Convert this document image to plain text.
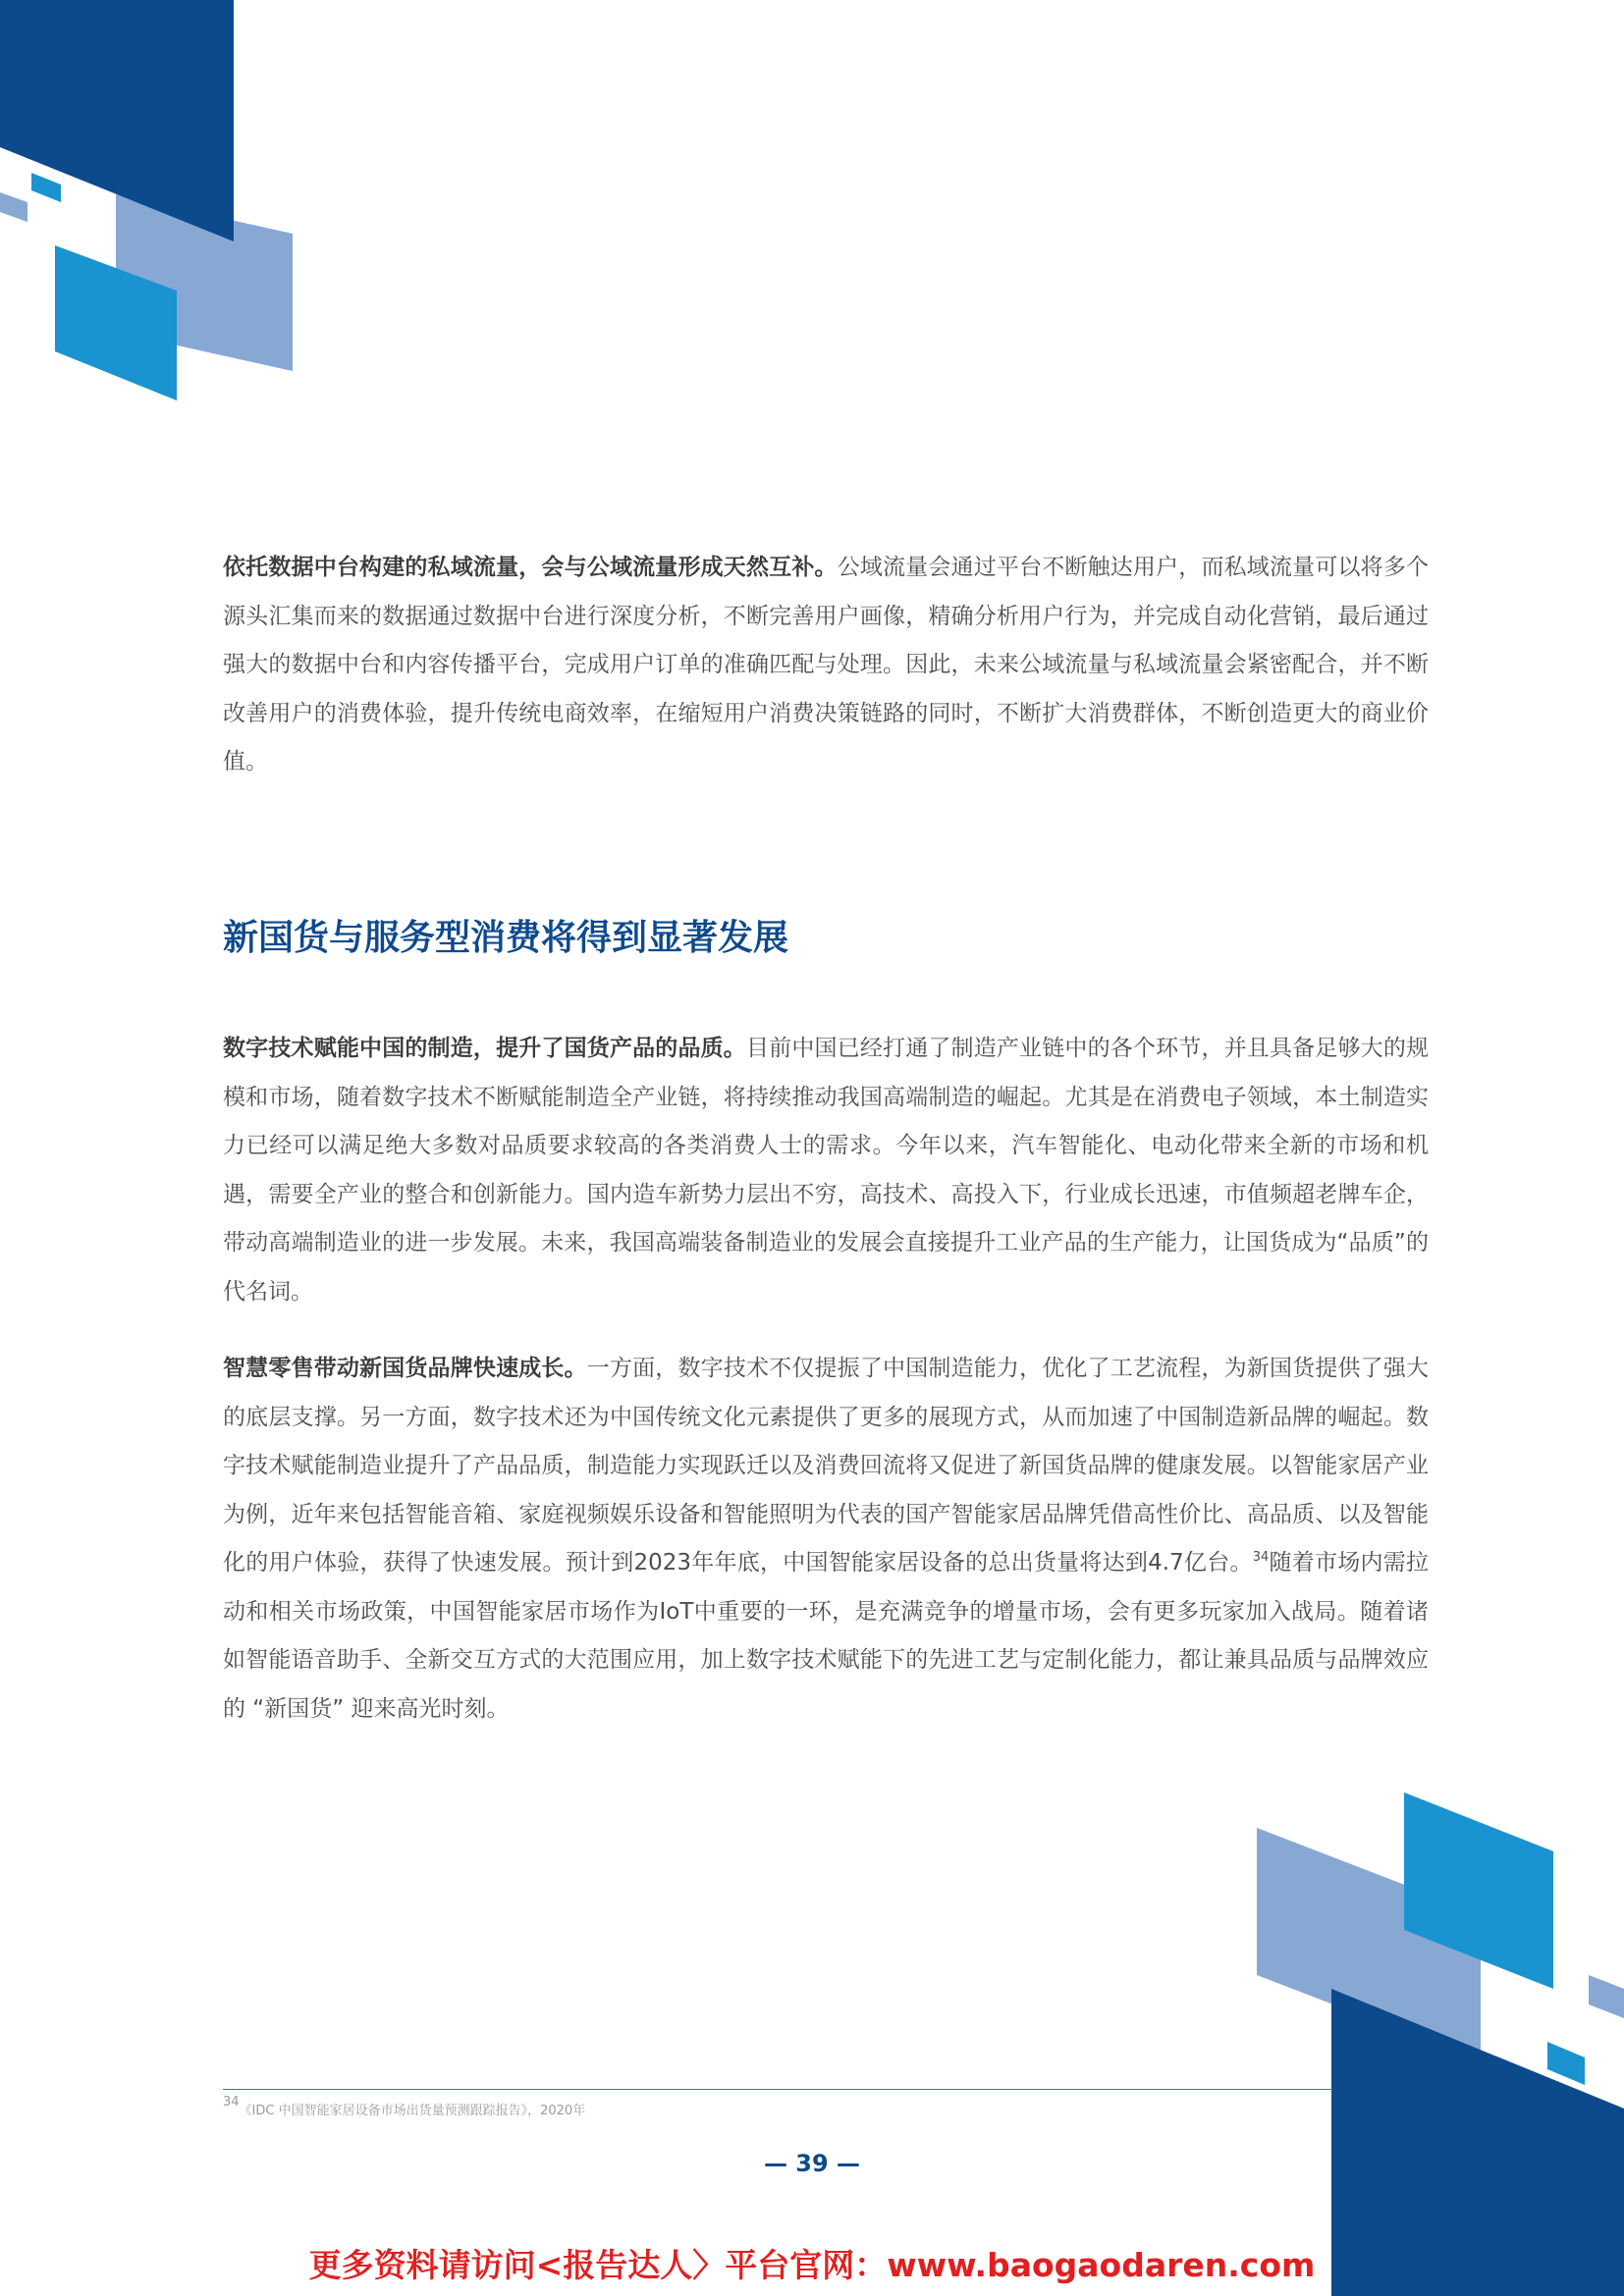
依托数据中台构建的私域流量，会与公域流量形成天然互补。公域流量会通过平台不断触达用户，而私域流量可以将多个源头汇集而来的数据通过数据中台进行深度分析，不断完善用户画像，精确分析用户行为，并完成自动化营销，最后通过强大的数据中台和内容传播平台，完成用户订单的准确匹配与处理。因此，未来公域流量与私域流量会紧密配合，并不断改善用户的消费体验，提升传统电商效率，在缩短用户消费决策链路的同时，不断扩大消费群体，不断创造更大的商业价值。

新国货与服务型消费将得到显著发展

数字技术赋能中国的制造，提升了国货产品的品质。目前中国已经打通了制造产业链中的各个环节，并且具备足够大的规模和市场，随着数字技术不断赋能制造全产业链，将持续推动我国高端制造的崛起。尤其是在消费电子领域，本土制造实力已经可以满足绝大多数对品质要求较高的各类消费人士的需求。今年以来，汽车智能化、电动化带来全新的市场和机遇，需要全产业的整合和创新能力。国内造车新势力层出不穷，高技术、高投入下，行业成长迅速，市值频超老牌车企，带动高端制造业的进一步发展。未来，我国高端装备制造业的发展会直接提升工业产品的生产能力，让国货成为“品质”的代名词。

智慧零售带动新国货品牌快速成长。一方面，数字技术不仅提振了中国制造能力，优化了工艺流程，为新国货提供了强大的底层支撑。另一方面，数字技术还为中国传统文化元素提供了更多的展现方式，从而加速了中国制造新品牌的崛起。数字技术赋能制造业提升了产品品质，制造能力实现跃迁以及消费回流将又促进了新国货品牌的健康发展。以智能家居产业为例，近年来包括智能音箱、家庭视频娱乐设备和智能照明为代表的国产智能家居品牌凭借高性价比、高品质、以及智能化的用户体验，获得了快速发展。预计到2023年年底，中国智能家居设备的总出货量将达到4.7亿台。$^{34}$随着市场内需拉动和相关市场政策，中国智能家居市场作为IoT中重要的一环，是充满竞争的增量市场，会有更多玩家加入战局。随着诸如智能语音助手、全新交互方式的大范围应用，加上数字技术赋能下的先进工艺与定制化能力，都让兼具品质与品牌效应的 “新国货” 迎来高光时刻。

$^{34}$《IDC 中国智能家居设备市场出货量预测跟踪报告》，2020年
— 39 —
更多资料请访问<报告达人〉平台官网：www.baogaodaren.com
